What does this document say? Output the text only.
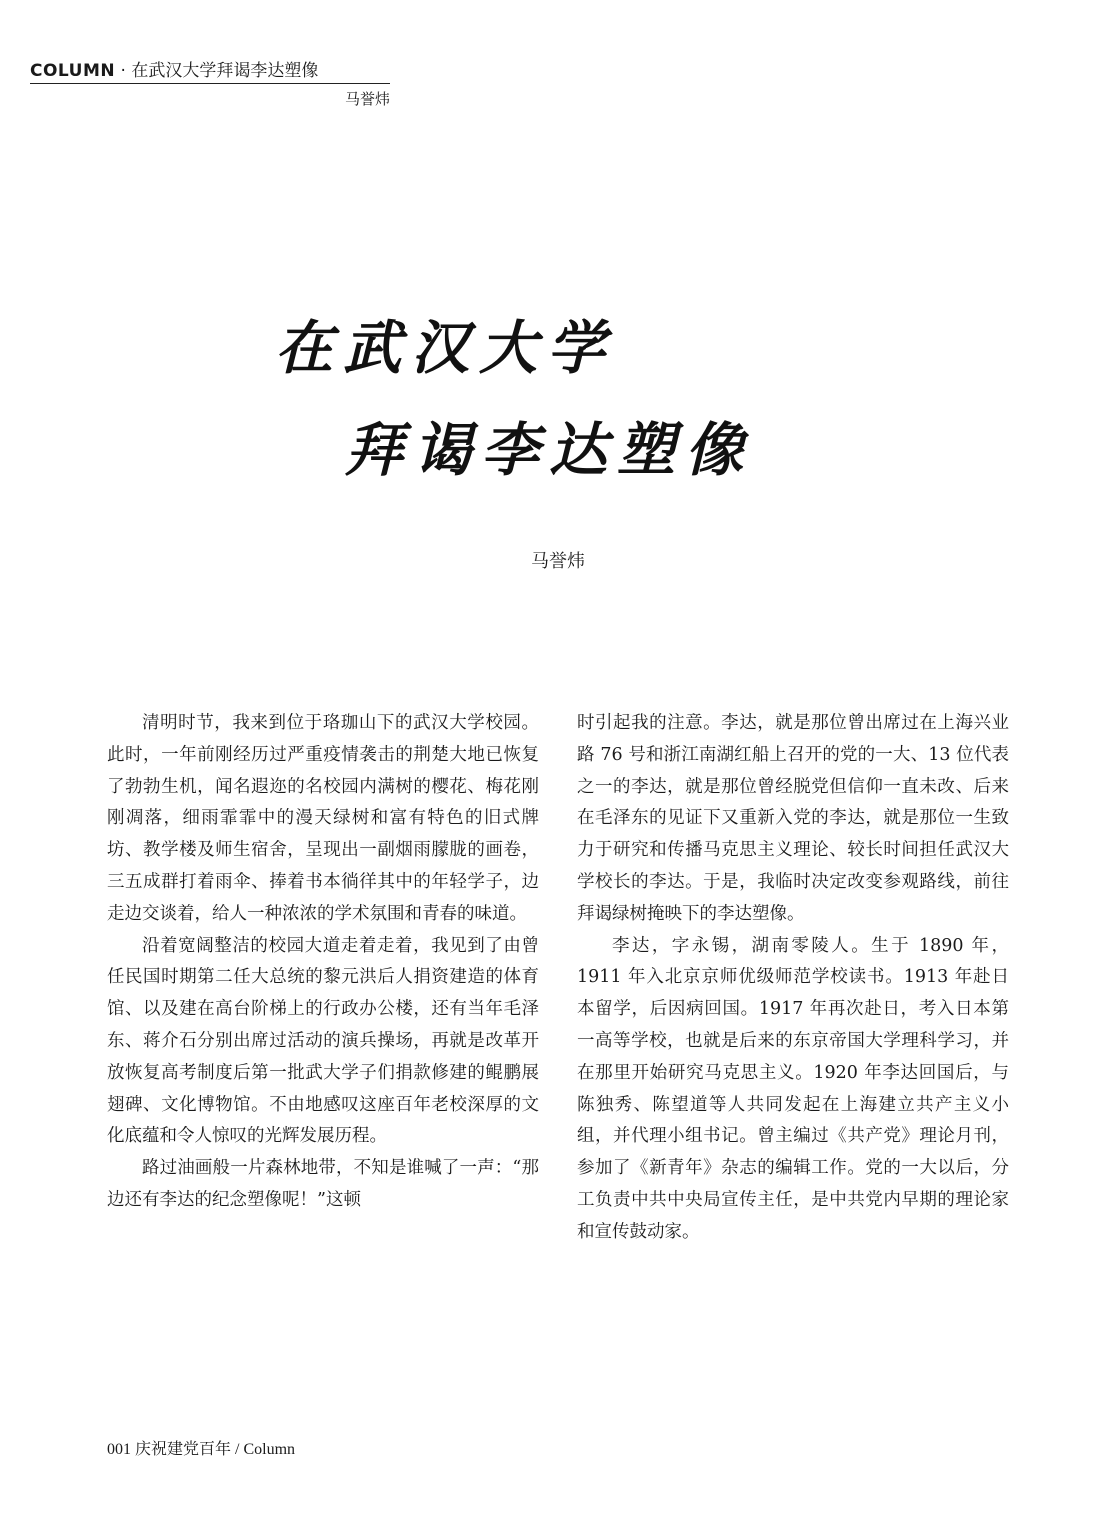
COLUMN · 在武汉大学拜谒李达塑像
马誉炜
在武汉大学
拜谒李达塑像
马誉炜

清明时节，我来到位于珞珈山下的武汉大学校园。此时，一年前刚经历过严重疫情袭击的荆楚大地已恢复了勃勃生机，闻名遐迩的名校园内满树的樱花、梅花刚刚凋落，细雨霏霏中的漫天绿树和富有特色的旧式牌坊、教学楼及师生宿舍，呈现出一副烟雨朦胧的画卷，三五成群打着雨伞、捧着书本徜徉其中的年轻学子，边走边交谈着，给人一种浓浓的学术氛围和青春的味道。

沿着宽阔整洁的校园大道走着走着，我见到了由曾任民国时期第二任大总统的黎元洪后人捐资建造的体育馆、以及建在高台阶梯上的行政办公楼，还有当年毛泽东、蒋介石分别出席过活动的演兵操场，再就是改革开放恢复高考制度后第一批武大学子们捐款修建的鲲鹏展翅碑、文化博物馆。不由地感叹这座百年老校深厚的文化底蕴和令人惊叹的光辉发展历程。

路过油画般一片森林地带，不知是谁喊了一声：“那边还有李达的纪念塑像呢！”这顿

时引起我的注意。李达，就是那位曾出席过在上海兴业路 76 号和浙江南湖红船上召开的党的一大、13 位代表之一的李达，就是那位曾经脱党但信仰一直未改、后来在毛泽东的见证下又重新入党的李达，就是那位一生致力于研究和传播马克思主义理论、较长时间担任武汉大学校长的李达。于是，我临时决定改变参观路线，前往拜谒绿树掩映下的李达塑像。

李达，字永锡，湖南零陵人。生于 1890 年，1911 年入北京京师优级师范学校读书。1913 年赴日本留学，后因病回国。1917 年再次赴日，考入日本第一高等学校，也就是后来的东京帝国大学理科学习，并在那里开始研究马克思主义。1920 年李达回国后，与陈独秀、陈望道等人共同发起在上海建立共产主义小组，并代理小组书记。曾主编过《共产党》理论月刊，参加了《新青年》杂志的编辑工作。党的一大以后，分工负责中共中央局宣传主任，是中共党内早期的理论家和宣传鼓动家。

001 庆祝建党百年 / Column
